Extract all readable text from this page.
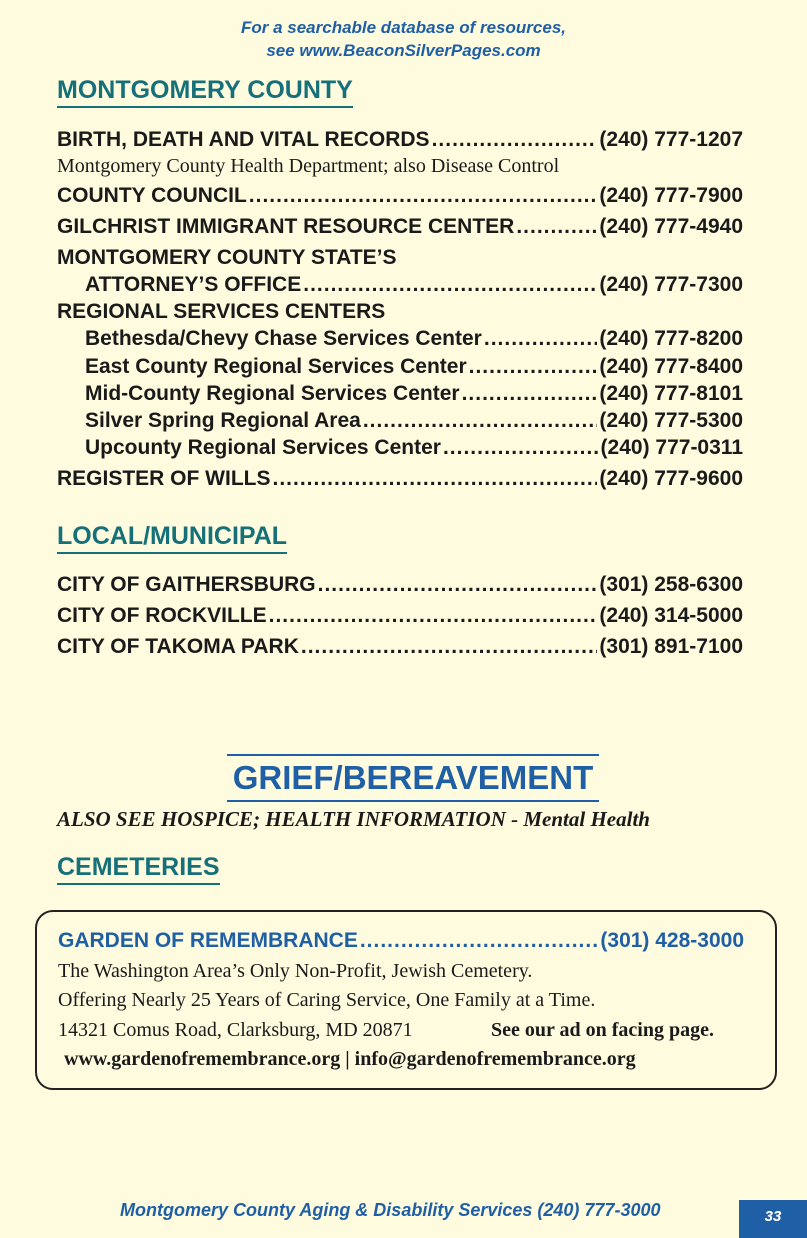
For a searchable database of resources,
see www.BeaconSilverPages.com
MONTGOMERY COUNTY
BIRTH, DEATH AND VITAL RECORDS .....	(240) 777-1207
Montgomery County Health Department; also Disease Control
COUNTY COUNCIL .....	(240) 777-7900
GILCHRIST IMMIGRANT RESOURCE CENTER .....	(240) 777-4940
MONTGOMERY COUNTY STATE’S
ATTORNEY’S OFFICE .....	(240) 777-7300
REGIONAL SERVICES CENTERS
Bethesda/Chevy Chase Services Center .....	(240) 777-8200
East County Regional Services Center .....	(240) 777-8400
Mid-County Regional Services Center .....	(240) 777-8101
Silver Spring Regional Area .....	(240) 777-5300
Upcounty Regional Services Center .....	(240) 777-0311
REGISTER OF WILLS .....	(240) 777-9600
LOCAL/MUNICIPAL
CITY OF GAITHERSBURG .....	(301) 258-6300
CITY OF ROCKVILLE .....	(240) 314-5000
CITY OF TAKOMA PARK .....	(301) 891-7100
GRIEF/BEREAVEMENT
ALSO SEE HOSPICE; HEALTH INFORMATION - Mental Health
CEMETERIES
GARDEN OF REMEMBRANCE .....	(301) 428-3000
The Washington Area’s Only Non-Profit, Jewish Cemetery.
Offering Nearly 25 Years of Caring Service, One Family at a Time.
14321 Comus Road, Clarksburg, MD 20871	See our ad on facing page.
www.gardenofremembrance.org | info@gardenofremembrance.org
Montgomery County Aging & Disability Services (240) 777-3000	33
